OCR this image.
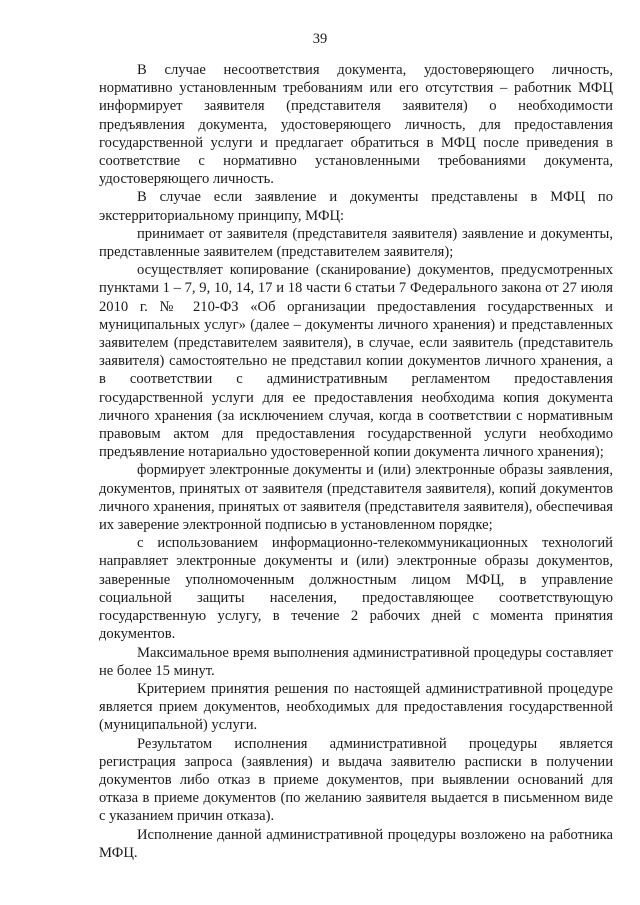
39

В случае несоответствия документа, удостоверяющего личность, нормативно установленным требованиям или его отсутствия – работник МФЦ информирует заявителя (представителя заявителя) о необходимости предъявления документа, удостоверяющего личность, для предоставления государственной услуги и предлагает обратиться в МФЦ после приведения в соответствие с нормативно установленными требованиями документа, удостоверяющего личность.

В случае если заявление и документы представлены в МФЦ по экстерриториальному принципу, МФЦ:

принимает от заявителя (представителя заявителя) заявление и документы, представленные заявителем (представителем заявителя);

осуществляет копирование (сканирование) документов, предусмотренных пунктами 1 – 7, 9, 10, 14, 17 и 18 части 6 статьи 7 Федерального закона от 27 июля 2010 г. № 210-ФЗ «Об организации предоставления государственных и муниципальных услуг» (далее – документы личного хранения) и представленных заявителем (представителем заявителя), в случае, если заявитель (представитель заявителя) самостоятельно не представил копии документов личного хранения, а в соответствии с административным регламентом предоставления государственной услуги для ее предоставления необходима копия документа личного хранения (за исключением случая, когда в соответствии с нормативным правовым актом для предоставления государственной услуги необходимо предъявление нотариально удостоверенной копии документа личного хранения);

формирует электронные документы и (или) электронные образы заявления, документов, принятых от заявителя (представителя заявителя), копий документов личного хранения, принятых от заявителя (представителя заявителя), обеспечивая их заверение электронной подписью в установленном порядке;

с использованием информационно-телекоммуникационных технологий направляет электронные документы и (или) электронные образы документов, заверенные уполномоченным должностным лицом МФЦ, в управление социальной защиты населения, предоставляющее соответствующую государственную услугу, в течение 2 рабочих дней с момента принятия документов.

Максимальное время выполнения административной процедуры составляет не более 15 минут.

Критерием принятия решения по настоящей административной процедуре является прием документов, необходимых для предоставления государственной (муниципальной) услуги.

Результатом исполнения административной процедуры является регистрация запроса (заявления) и выдача заявителю расписки в получении документов либо отказ в приеме документов, при выявлении оснований для отказа в приеме документов (по желанию заявителя выдается в письменном виде с указанием причин отказа).

Исполнение данной административной процедуры возложено на работника МФЦ.
